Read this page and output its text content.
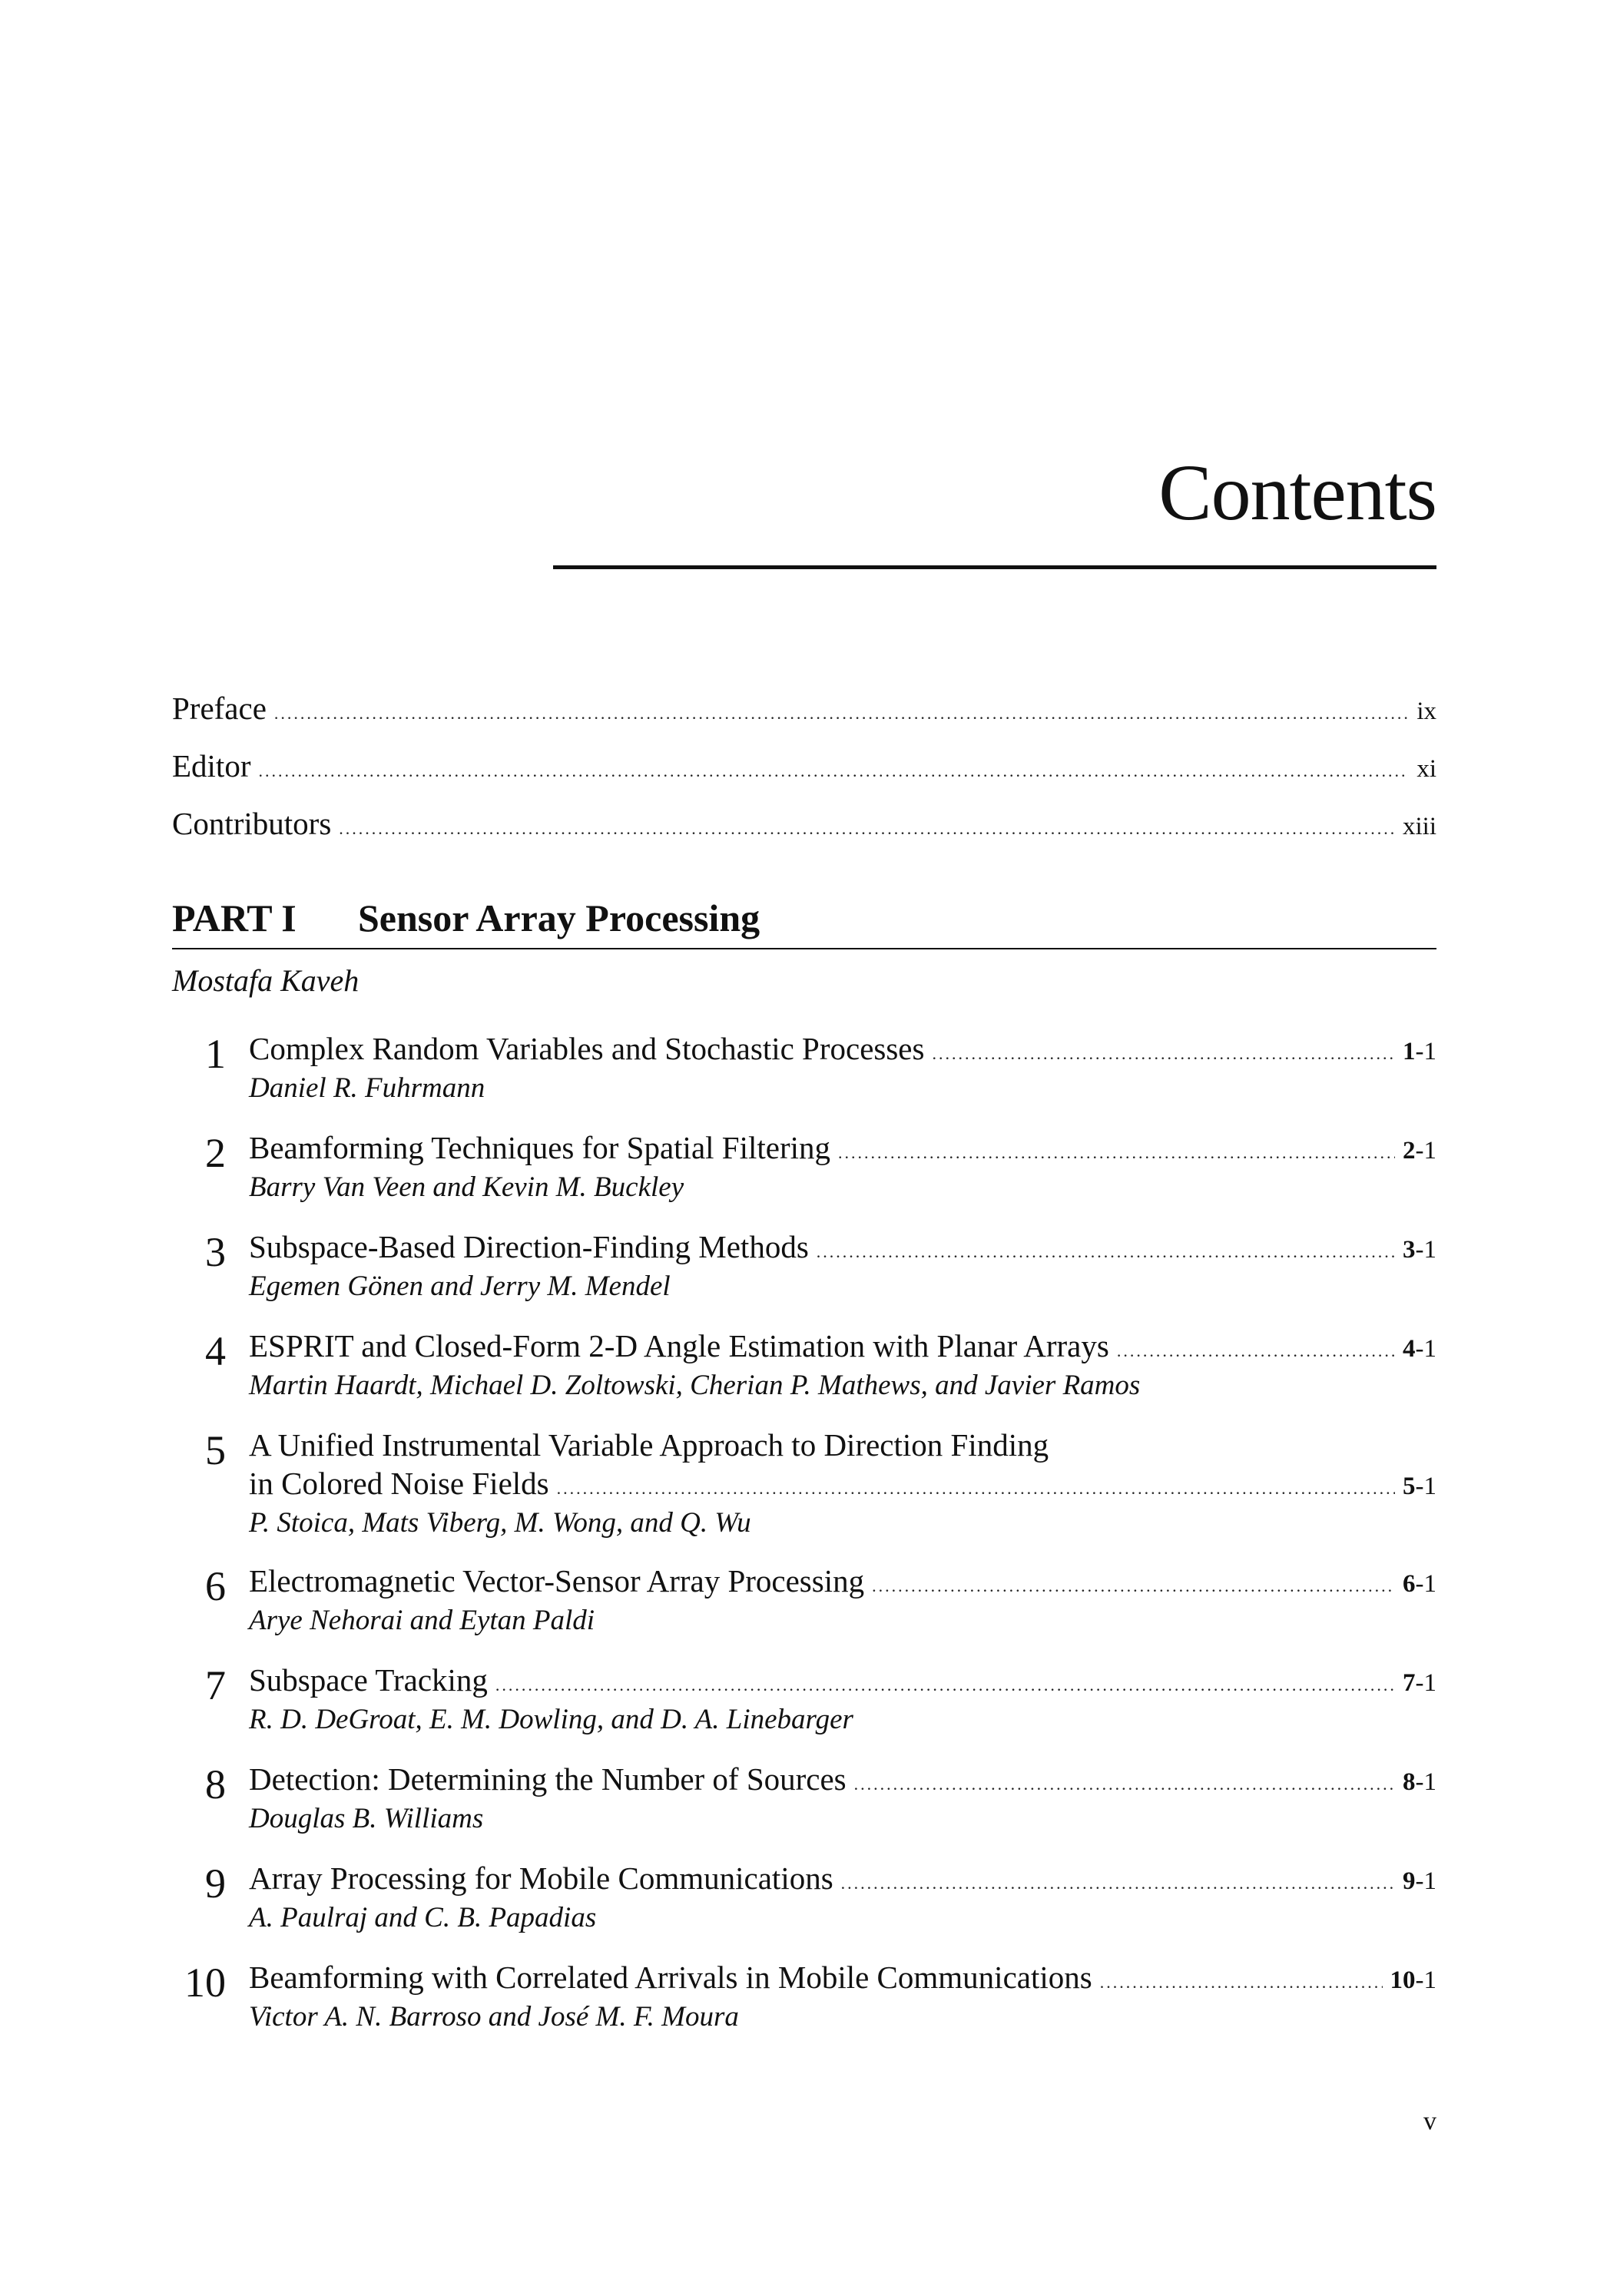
Contents
Preface .....	ix
Editor .....	xi
Contributors .....	xiii
PART I Sensor Array Processing
Mostafa Kaveh
1 Complex Random Variables and Stochastic Processes .....	1-1
Daniel R. Fuhrmann
2 Beamforming Techniques for Spatial Filtering .....	2-1
Barry Van Veen and Kevin M. Buckley
3 Subspace-Based Direction-Finding Methods .....	3-1
Egemen Gönen and Jerry M. Mendel
4 ESPRIT and Closed-Form 2-D Angle Estimation with Planar Arrays .....	4-1
Martin Haardt, Michael D. Zoltowski, Cherian P. Mathews, and Javier Ramos
5 A Unified Instrumental Variable Approach to Direction Finding
in Colored Noise Fields .....	5-1
P. Stoica, Mats Viberg, M. Wong, and Q. Wu
6 Electromagnetic Vector-Sensor Array Processing .....	6-1
Arye Nehorai and Eytan Paldi
7 Subspace Tracking .....	7-1
R. D. DeGroat, E. M. Dowling, and D. A. Linebarger
8 Detection: Determining the Number of Sources .....	8-1
Douglas B. Williams
9 Array Processing for Mobile Communications .....	9-1
A. Paulraj and C. B. Papadias
10 Beamforming with Correlated Arrivals in Mobile Communications .....	10-1
Victor A. N. Barroso and José M. F. Moura
v
